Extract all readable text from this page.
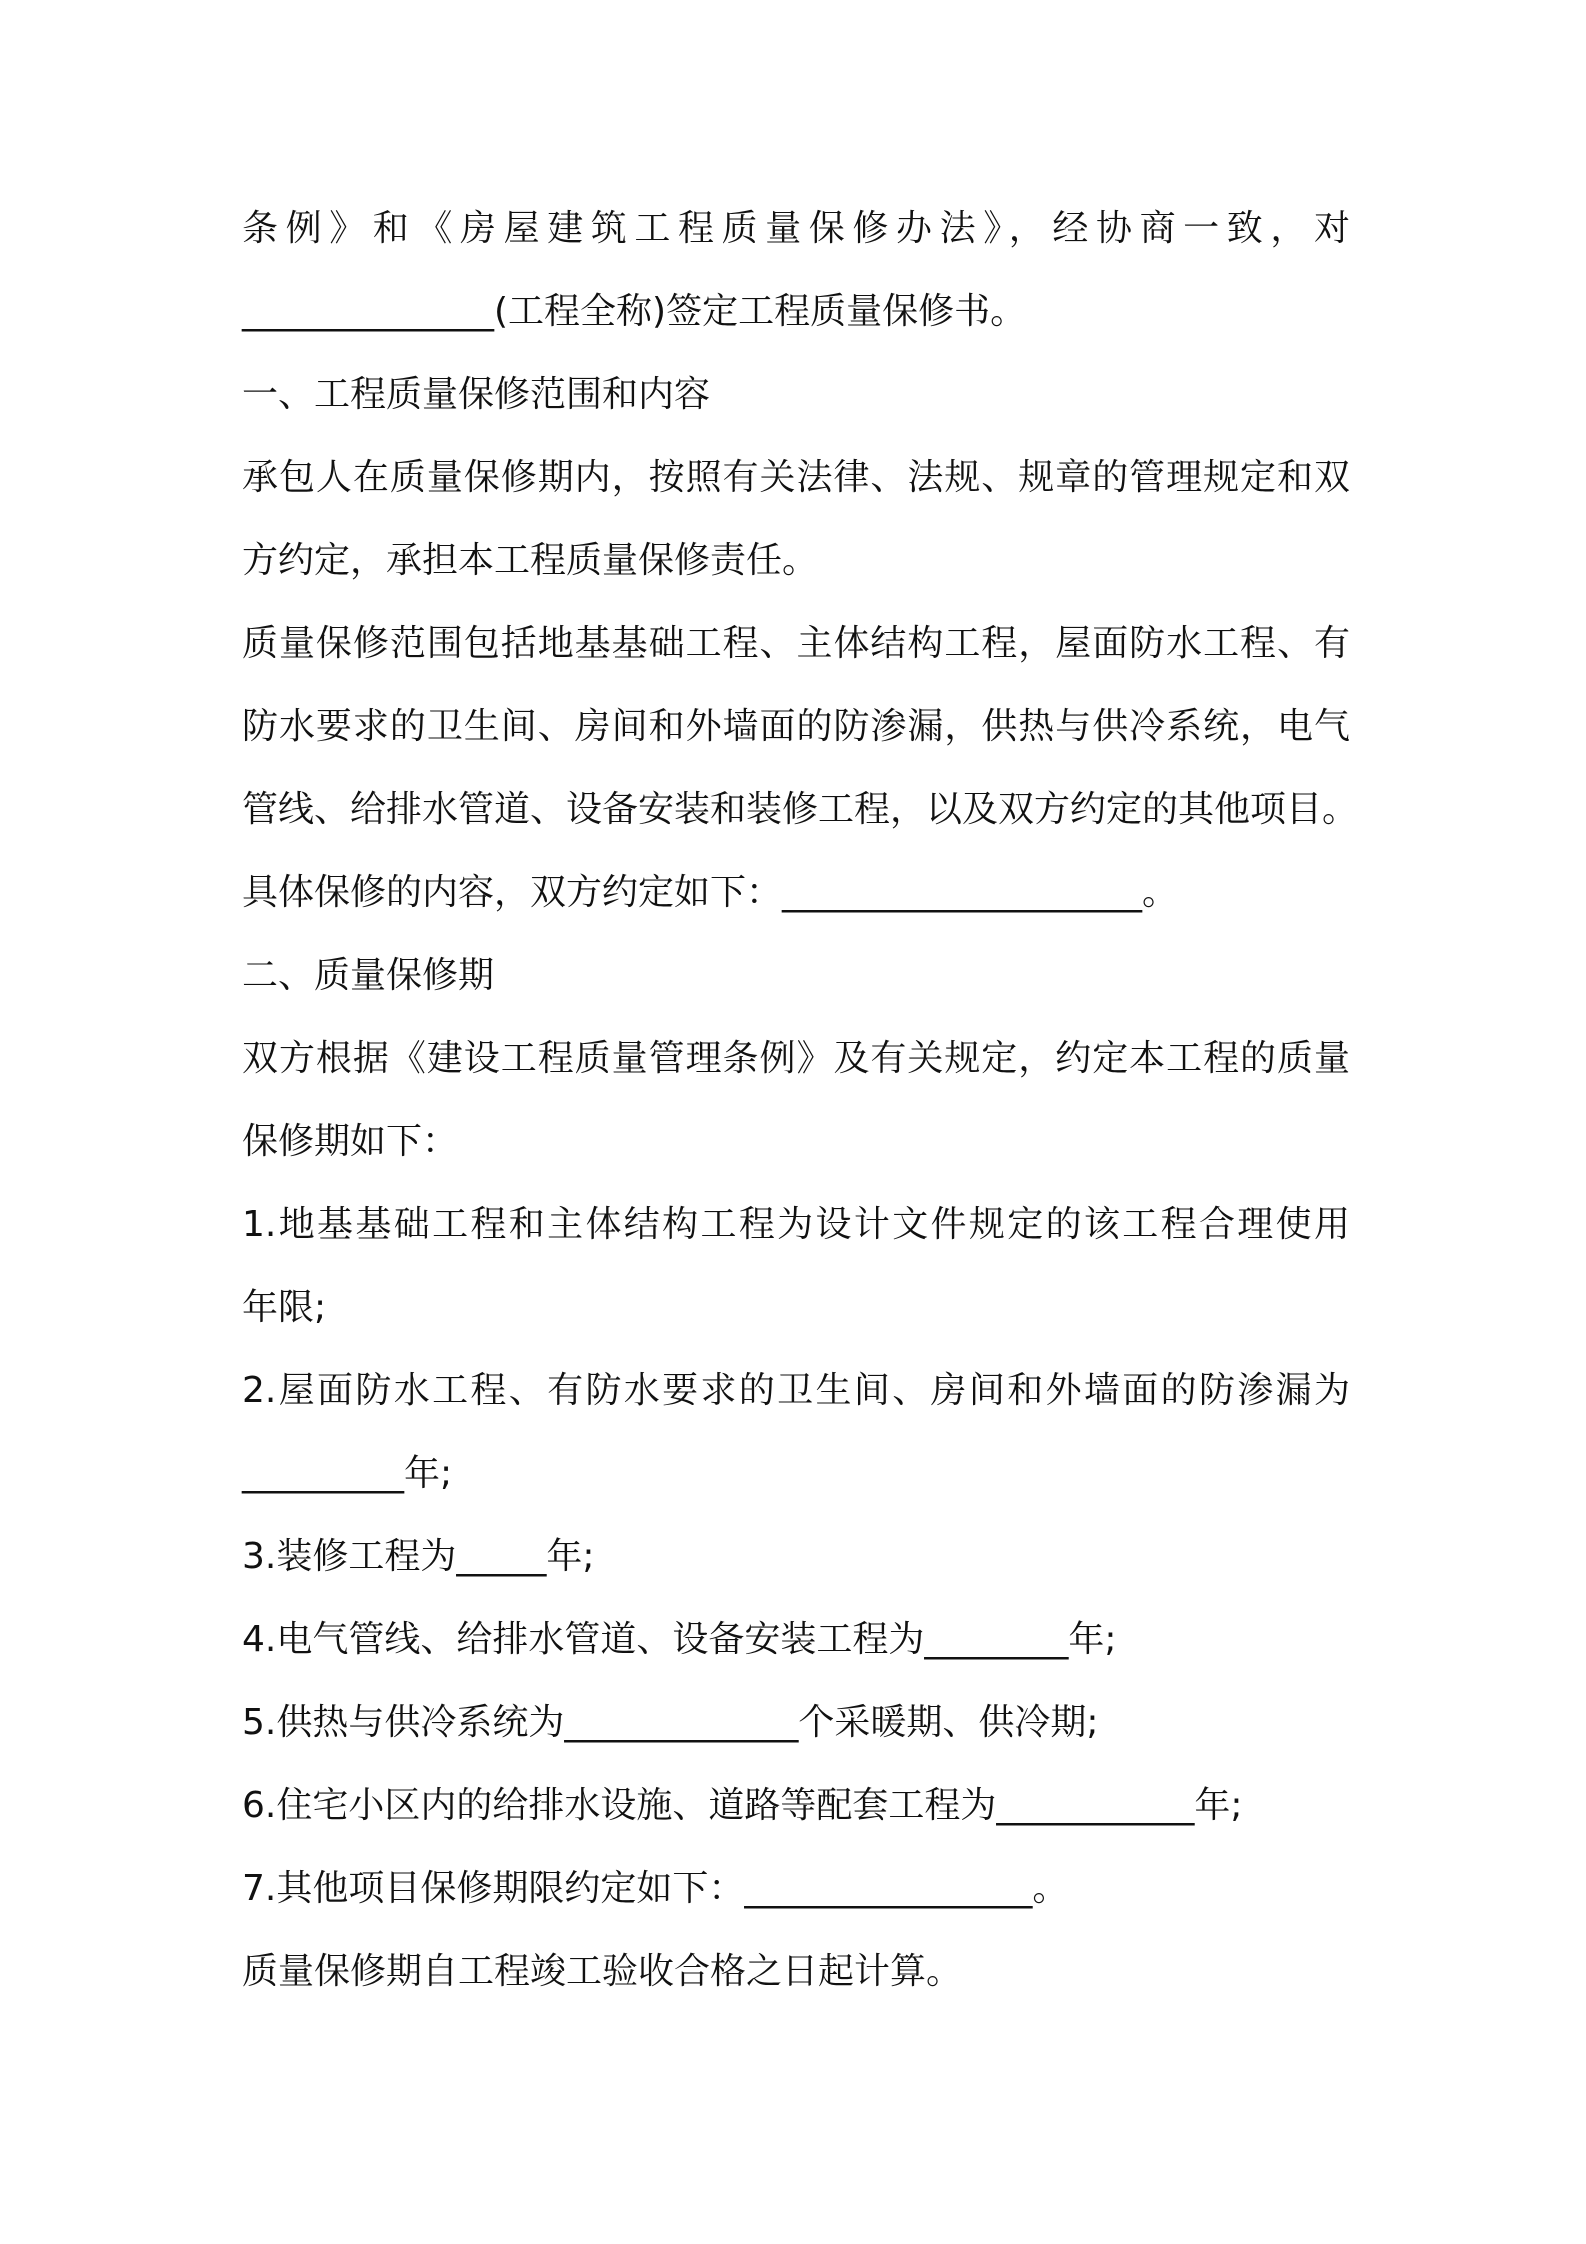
条例》和《房屋建筑工程质量保修办法》，经协商一致，对
______________(工程全称)签定工程质量保修书。
一、工程质量保修范围和内容
承包人在质量保修期内，按照有关法律、法规、规章的管理规定和双
方约定，承担本工程质量保修责任。
质量保修范围包括地基基础工程、主体结构工程，屋面防水工程、有
防水要求的卫生间、房间和外墙面的防渗漏，供热与供冷系统，电气
管线、给排水管道、设备安装和装修工程，以及双方约定的其他项目。
具体保修的内容，双方约定如下：____________________。
二、质量保修期
双方根据《建设工程质量管理条例》及有关规定，约定本工程的质量
保修期如下：
1.地基基础工程和主体结构工程为设计文件规定的该工程合理使用
年限;
2.屋面防水工程、有防水要求的卫生间、房间和外墙面的防渗漏为
_________年;
3.装修工程为_____年;
4.电气管线、给排水管道、设备安装工程为________年;
5.供热与供冷系统为_____________个采暖期、供冷期;
6.住宅小区内的给排水设施、道路等配套工程为___________年;
7.其他项目保修期限约定如下：________________。
质量保修期自工程竣工验收合格之日起计算。
